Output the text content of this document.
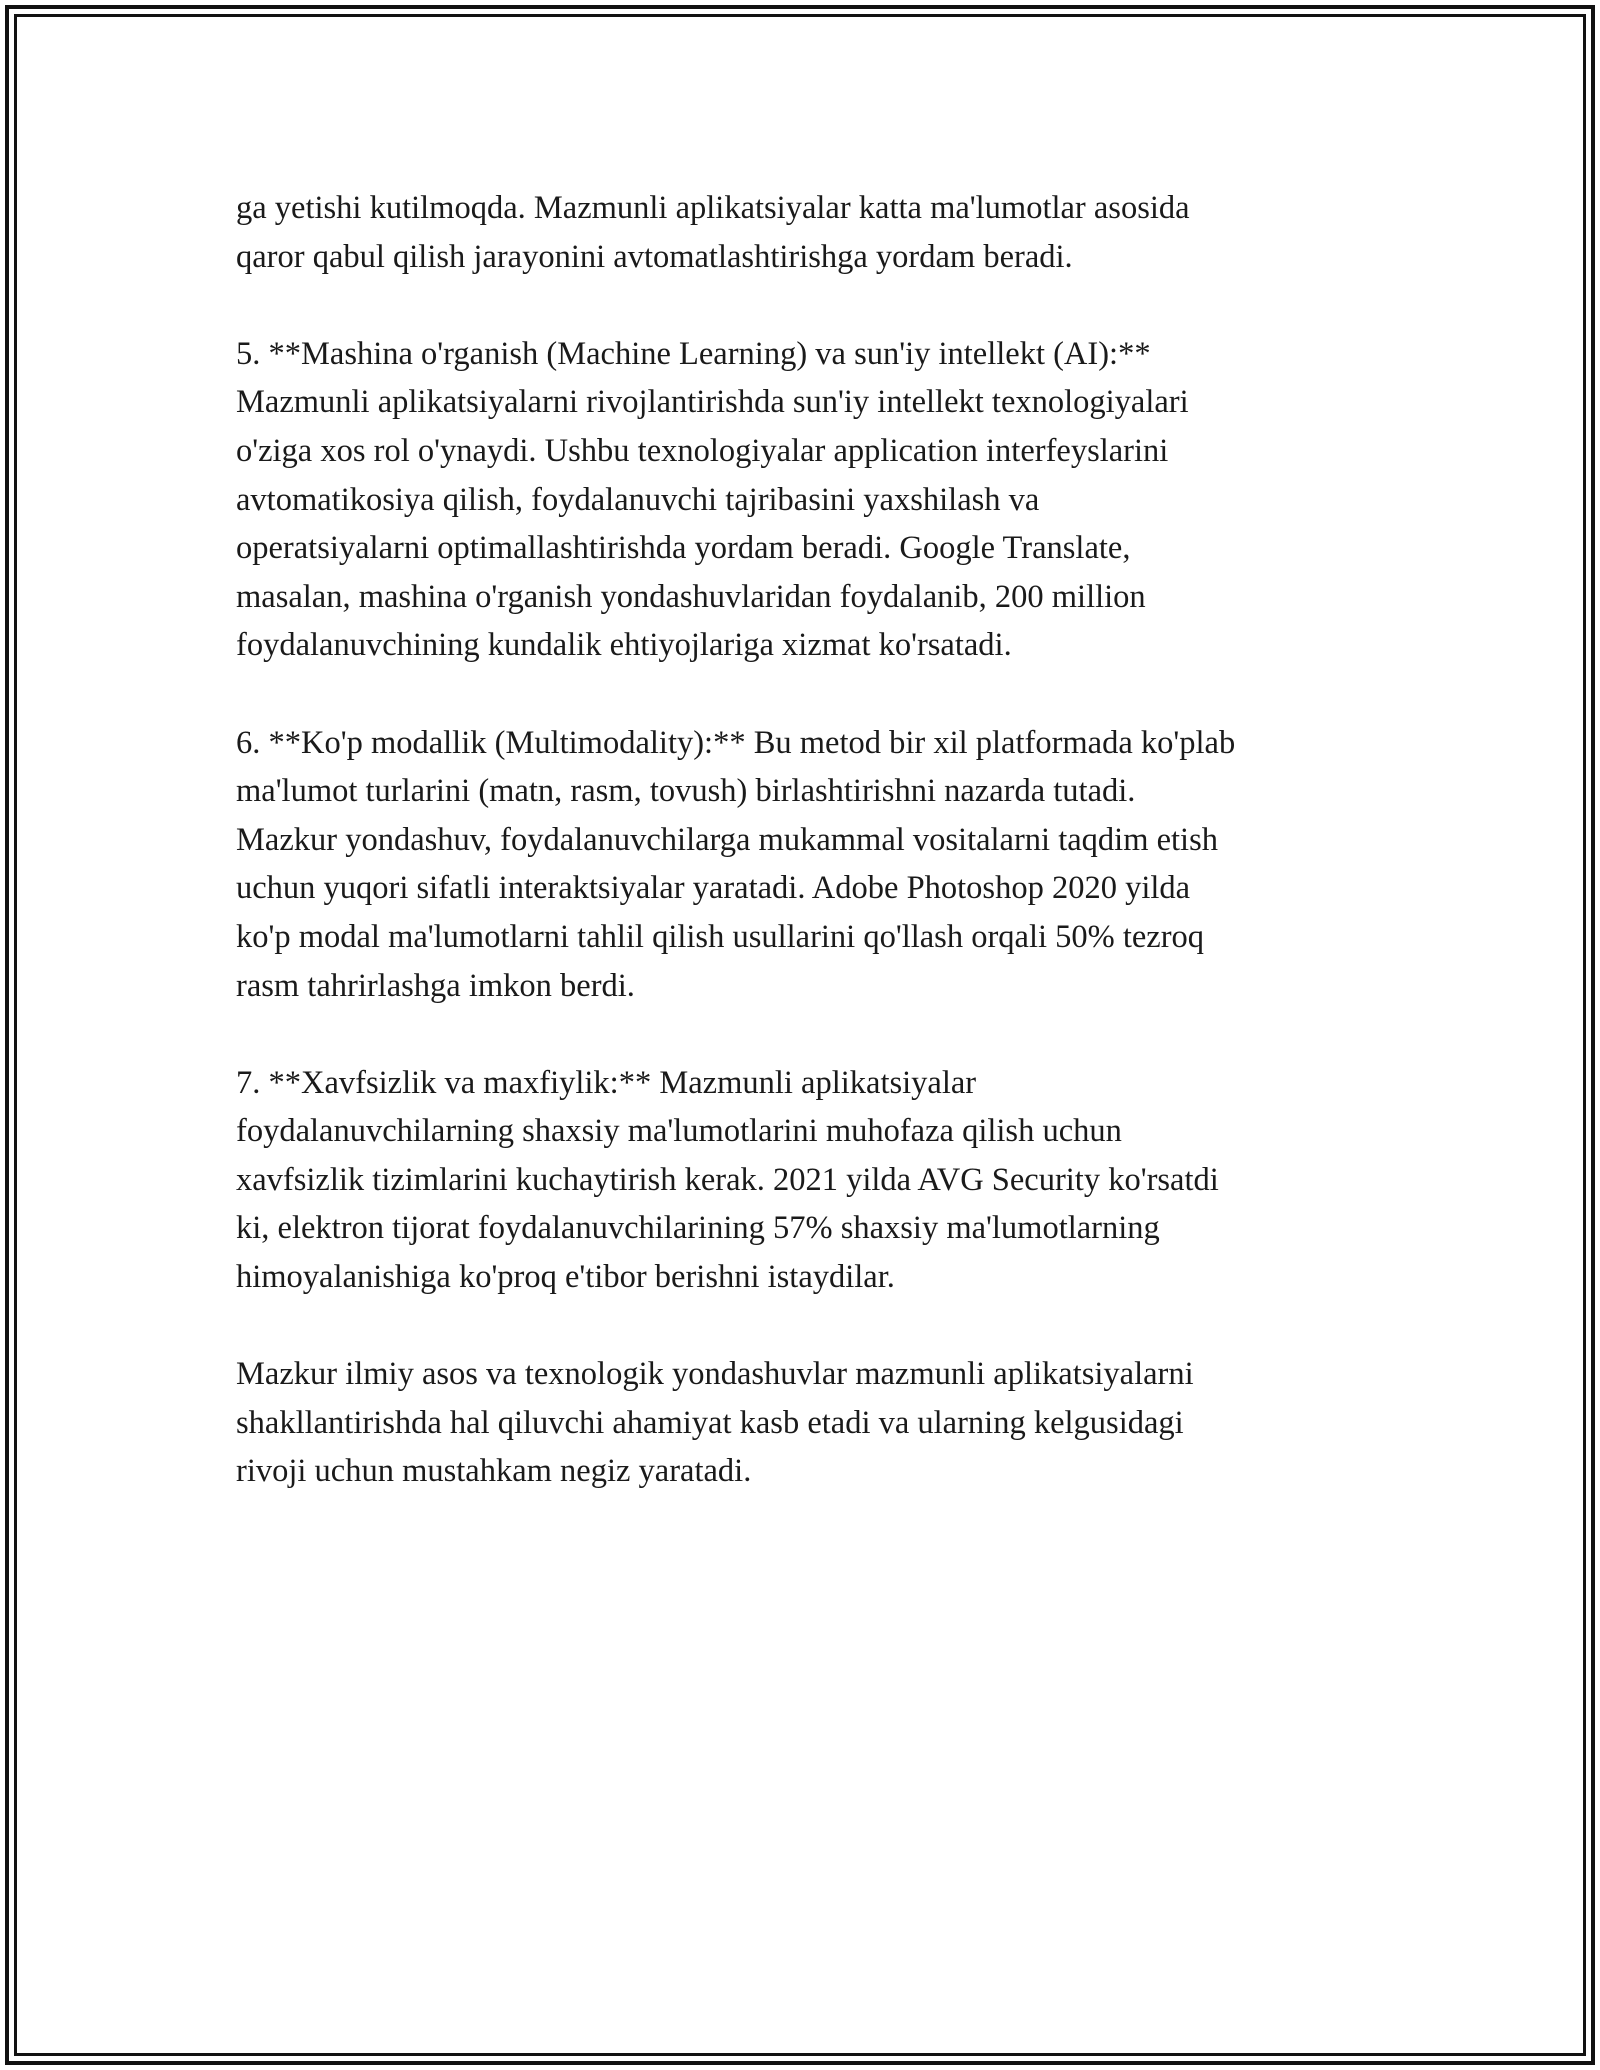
ga yetishi kutilmoqda. Mazmunli aplikatsiyalar katta ma'lumotlar asosida
qaror qabul qilish jarayonini avtomatlashtirishga yordam beradi.

5. **Mashina o'rganish (Machine Learning) va sun'iy intellekt (AI):**
Mazmunli aplikatsiyalarni rivojlantirishda sun'iy intellekt texnologiyalari
o'ziga xos rol o'ynaydi. Ushbu texnologiyalar application interfeyslarini
avtomatikosiya qilish, foydalanuvchi tajribasini yaxshilash va
operatsiyalarni optimallashtirishda yordam beradi. Google Translate,
masalan, mashina o'rganish yondashuvlaridan foydalanib, 200 million
foydalanuvchining kundalik ehtiyojlariga xizmat ko'rsatadi.

6. **Ko'p modallik (Multimodality):** Bu metod bir xil platformada ko'plab
ma'lumot turlarini (matn, rasm, tovush) birlashtirishni nazarda tutadi.
Mazkur yondashuv, foydalanuvchilarga mukammal vositalarni taqdim etish
uchun yuqori sifatli interaktsiyalar yaratadi. Adobe Photoshop 2020 yilda
ko'p modal ma'lumotlarni tahlil qilish usullarini qo'llash orqali 50% tezroq
rasm tahrirlashga imkon berdi.

7. **Xavfsizlik va maxfiylik:** Mazmunli aplikatsiyalar
foydalanuvchilarning shaxsiy ma'lumotlarini muhofaza qilish uchun
xavfsizlik tizimlarini kuchaytirish kerak. 2021 yilda AVG Security ko'rsatdi
ki, elektron tijorat foydalanuvchilarining 57% shaxsiy ma'lumotlarning
himoyalanishiga ko'proq e'tibor berishni istaydilar.

Mazkur ilmiy asos va texnologik yondashuvlar mazmunli aplikatsiyalarni
shakllantirishda hal qiluvchi ahamiyat kasb etadi va ularning kelgusidagi
rivoji uchun mustahkam negiz yaratadi.
